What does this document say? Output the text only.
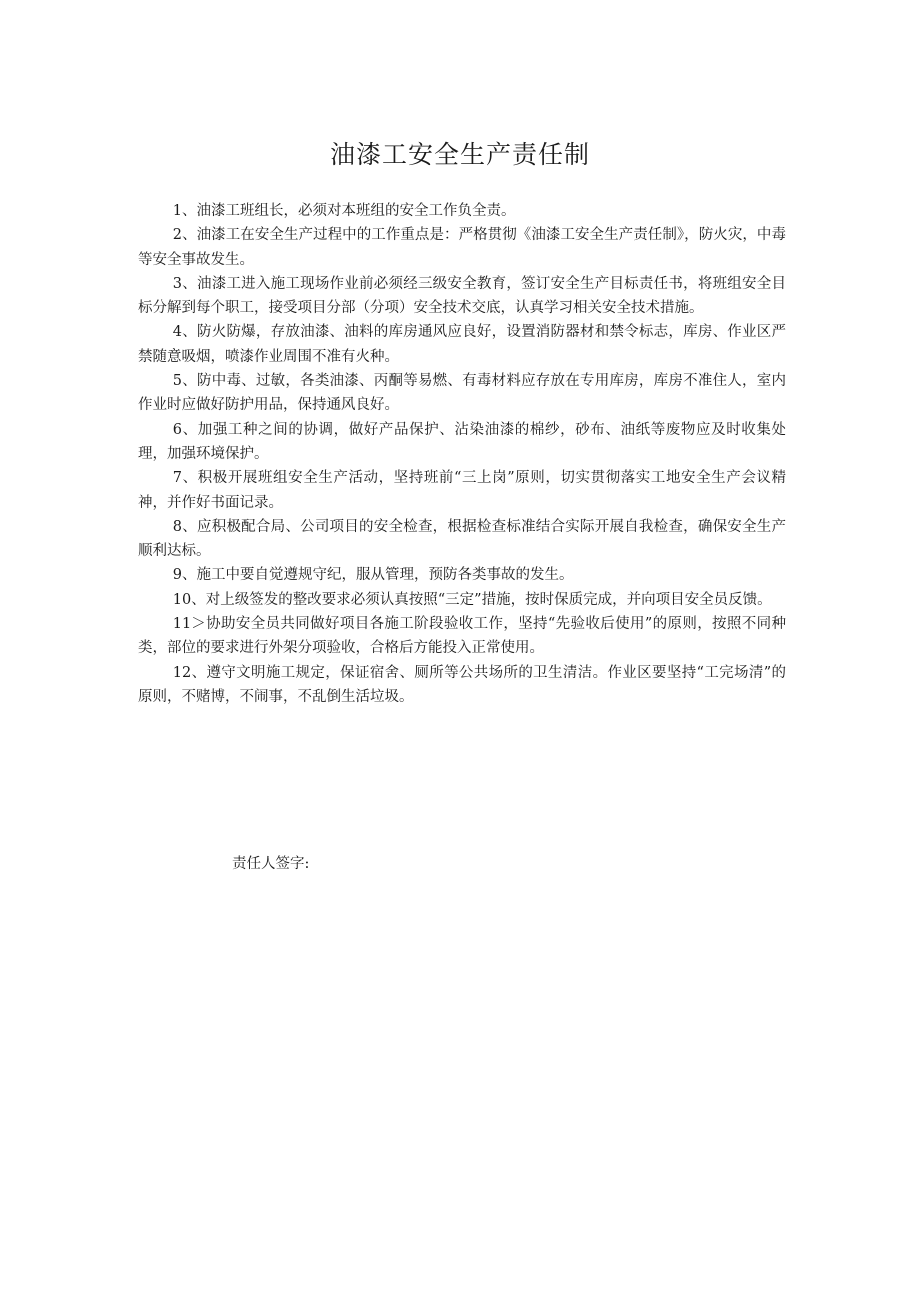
油漆工安全生产责任制

1、油漆工班组长，必须对本班组的安全工作负全责。

2、油漆工在安全生产过程中的工作重点是：严格贯彻《油漆工安全生产责任制》，防火灾，中毒等安全事故发生。

3、油漆工进入施工现场作业前必须经三级安全教育，签订安全生产目标责任书，将班组安全目标分解到每个职工，接受项目分部（分项）安全技术交底，认真学习相关安全技术措施。

4、防火防爆，存放油漆、油料的库房通风应良好，设置消防器材和禁令标志，库房、作业区严禁随意吸烟，喷漆作业周围不准有火种。

5、防中毒、过敏，各类油漆、丙酮等易燃、有毒材料应存放在专用库房，库房不准住人，室内作业时应做好防护用品，保持通风良好。

6、加强工种之间的协调，做好产品保护、沾染油漆的棉纱，砂布、油纸等废物应及时收集处理，加强环境保护。

7、积极开展班组安全生产活动，坚持班前“三上岗”原则，切实贯彻落实工地安全生产会议精神，并作好书面记录。

8、应积极配合局、公司项目的安全检查，根据检查标准结合实际开展自我检查，确保安全生产顺利达标。

9、施工中要自觉遵规守纪，服从管理，预防各类事故的发生。

10、对上级签发的整改要求必须认真按照“三定”措施，按时保质完成，并向项目安全员反馈。

11＞协助安全员共同做好项目各施工阶段验收工作，坚持“先验收后使用”的原则，按照不同种类，部位的要求进行外架分项验收，合格后方能投入正常使用。

12、遵守文明施工规定，保证宿舍、厕所等公共场所的卫生清洁。作业区要坚持“工完场清”的原则，不赌博，不闹事，不乱倒生活垃圾。

责任人签字:
